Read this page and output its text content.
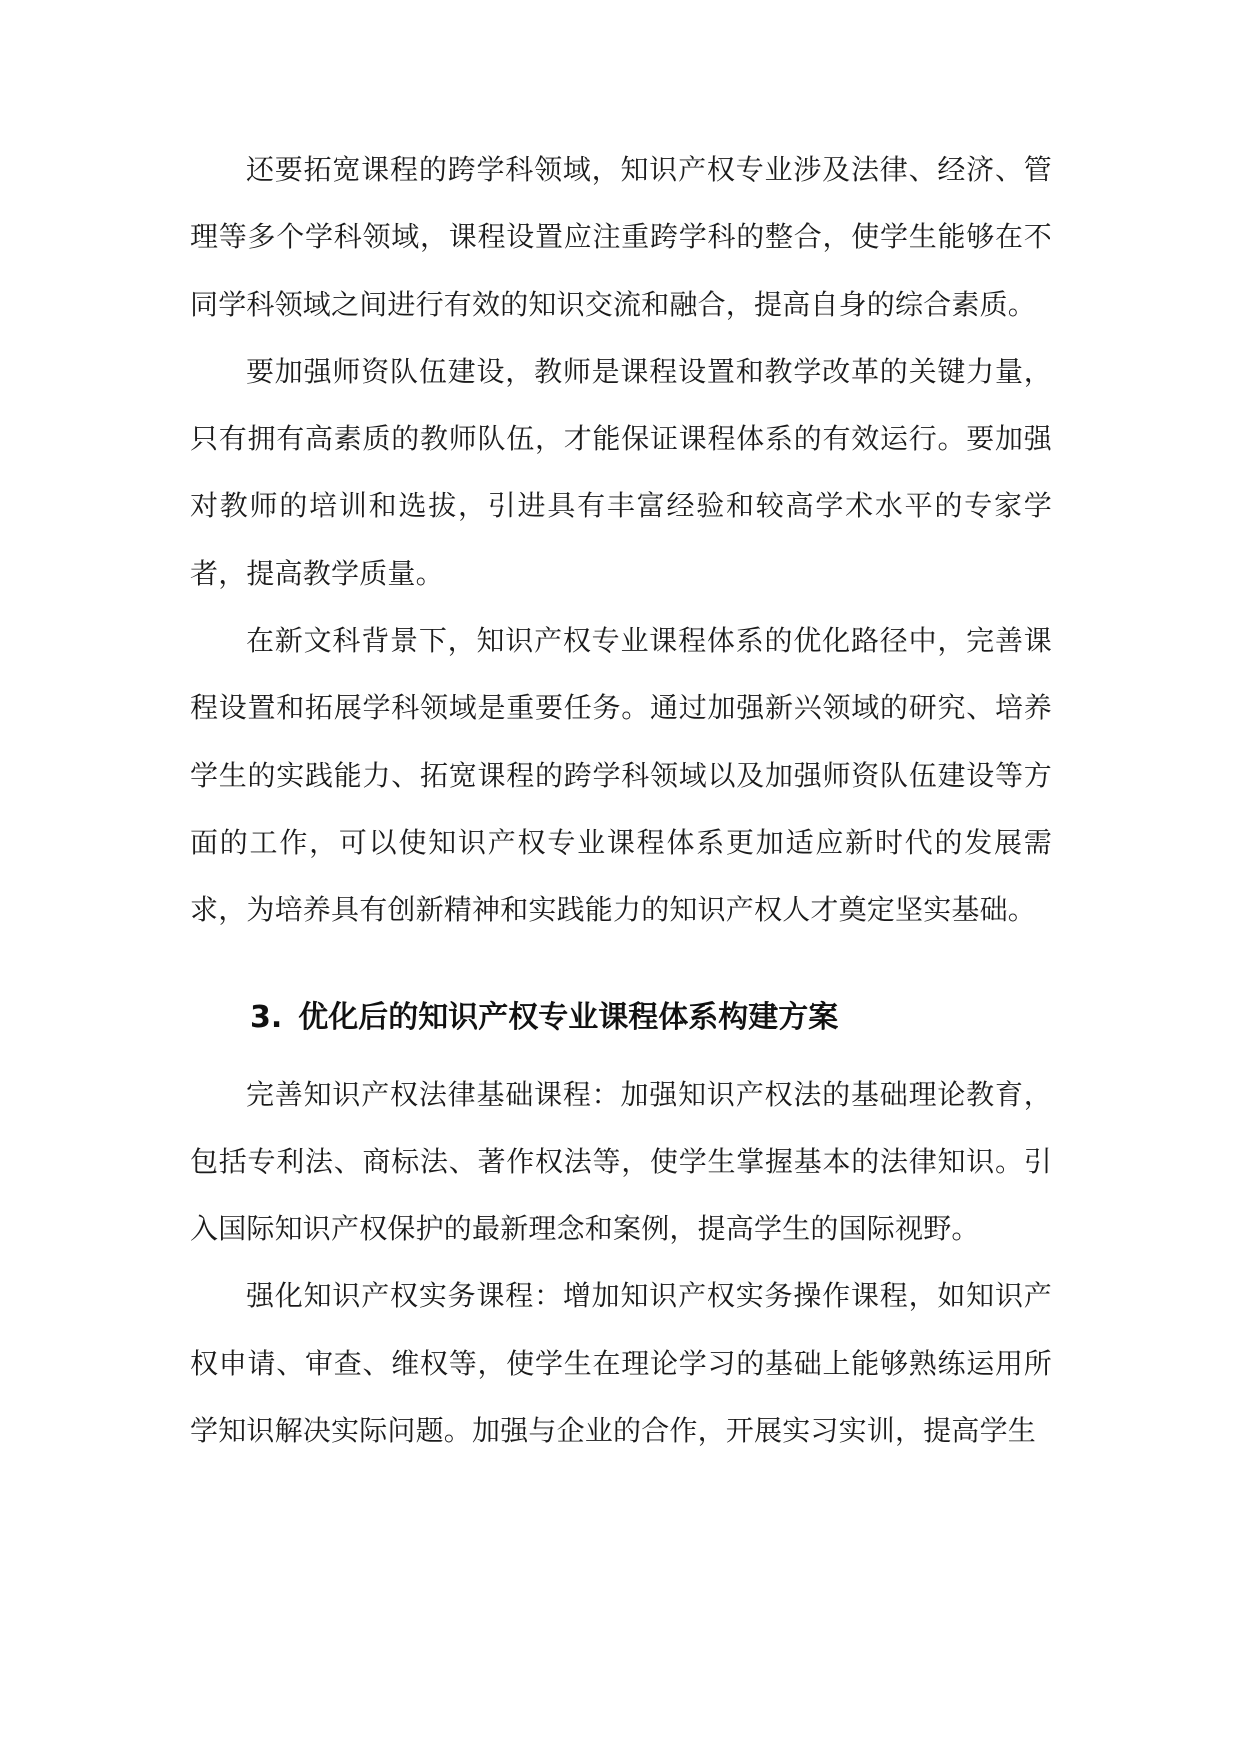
还要拓宽课程的跨学科领域，知识产权专业涉及法律、经济、管理等多个学科领域，课程设置应注重跨学科的整合，使学生能够在不同学科领域之间进行有效的知识交流和融合，提高自身的综合素质。

要加强师资队伍建设，教师是课程设置和教学改革的关键力量，只有拥有高素质的教师队伍，才能保证课程体系的有效运行。要加强对教师的培训和选拔，引进具有丰富经验和较高学术水平的专家学者，提高教学质量。

在新文科背景下，知识产权专业课程体系的优化路径中，完善课程设置和拓展学科领域是重要任务。通过加强新兴领域的研究、培养学生的实践能力、拓宽课程的跨学科领域以及加强师资队伍建设等方面的工作，可以使知识产权专业课程体系更加适应新时代的发展需求，为培养具有创新精神和实践能力的知识产权人才奠定坚实基础。

3. 优化后的知识产权专业课程体系构建方案

完善知识产权法律基础课程：加强知识产权法的基础理论教育，包括专利法、商标法、著作权法等，使学生掌握基本的法律知识。引入国际知识产权保护的最新理念和案例，提高学生的国际视野。

强化知识产权实务课程：增加知识产权实务操作课程，如知识产权申请、审查、维权等，使学生在理论学习的基础上能够熟练运用所学知识解决实际问题。加强与企业的合作，开展实习实训，提高学生
